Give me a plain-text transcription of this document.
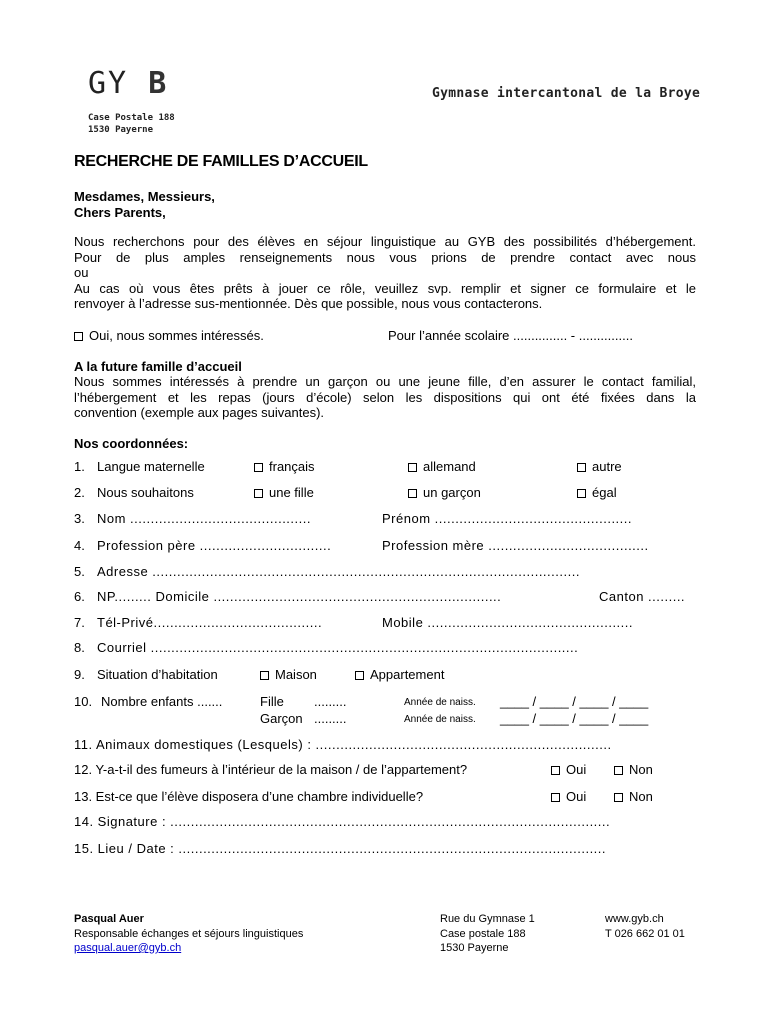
GY B
Case Postale 188
1530 Payerne
Gymnase intercantonal de la Broye
RECHERCHE DE FAMILLES D’ACCUEIL
Mesdames, Messieurs,
Chers Parents,
Nous recherchons pour des élèves en séjour linguistique au GYB des possibilités d’hébergement.
Pour de plus amples renseignements nous vous prions de prendre contact avec nous
ou
Au cas où vous êtes prêts à jouer ce rôle, veuillez svp. remplir et signer ce formulaire et le
renvoyer à l’adresse sus-mentionnée. Dès que possible, nous vous contacterons.
Oui, nous sommes intéressés.	Pour l’année scolaire ............... - ...............
A la future famille d’accueil
Nous sommes intéressés à prendre un garçon ou une jeune fille, d’en assurer le contact familial,
l’hébergement et les repas (jours d’école) selon les dispositions qui ont été fixées dans la
convention (exemple aux pages suivantes).
Nos coordonnées:
1. Langue maternelle	français	allemand	autre
2. Nous souhaitons	une fille	un garçon	égal
3. Nom ............................................	Prénom ................................................
4. Profession père ................................	Profession mère .......................................
5. Adresse ........................................................................................................
6. NP......... Domicile ......................................................................	Canton .........
7. Tél-Privé.........................................	Mobile ..................................................
8. Courriel ........................................................................................................
9. Situation d’habitation	Maison	Appartement
10. Nombre enfants .......	Fille .........	Année de naiss. ____ / ____ / ____ / ____
Garçon .........	Année de naiss. ____ / ____ / ____ / ____
11. Animaux domestiques (Lesquels) : ........................................................................
12. Y-a-t-il des fumeurs à l’intérieur de la maison / de l’appartement?	Oui	Non
13. Est-ce que l’élève disposera d’une chambre individuelle?	Oui	Non
14. Signature : ...........................................................................................................
15. Lieu / Date : ........................................................................................................
Pasqual Auer
Responsable échanges et séjours linguistiques
pasqual.auer@gyb.ch
Rue du Gymnase 1
Case postale 188
1530 Payerne
www.gyb.ch
T 026 662 01 01
